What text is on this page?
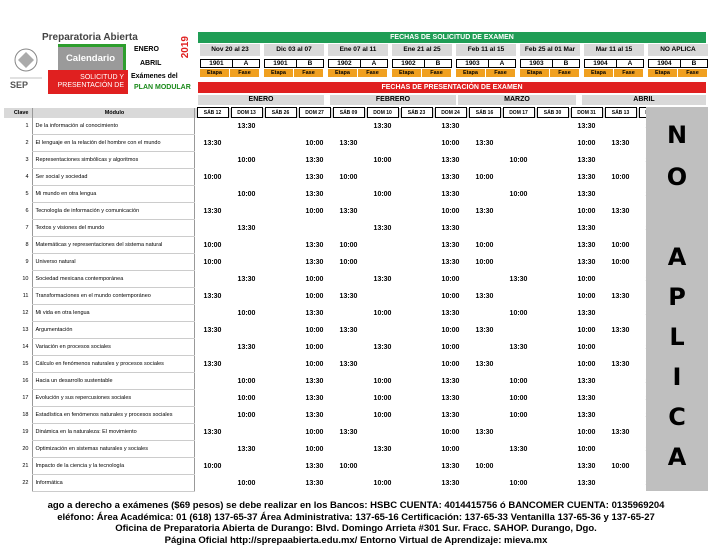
SEP
Preparatoria Abierta
Calendario
SOLICITUD Y PRESENTACIÓN DE
ENERO
ABRIL
Exámenes del
PLAN MODULAR
2019	FECHAS DE SOLICITUD DE EXAMEN
Nov 20 al 23
1901	A
Etapa	Fase
Dic 03 al 07
1901	B
Etapa	Fase
Ene 07 al 11
1902	A
Etapa	Fase
Ene 21 al 25
1902	B
Etapa	Fase
Feb 11 al 15
1903	A
Etapa	Fase
Feb 25 al 01 Mar
1903	B
Etapa	Fase
Mar 11 al 15
1904	A
Etapa	Fase
NO APLICA
1904	B
Etapa	Fase
FECHAS DE PRESENTACIÓN DE EXAMEN
ENERO	FEBRERO	MARZO	ABRIL
Clave	Módulo		SÁB 12		DOM 13		SÁB 26		DOM 27		SÁB 09		DOM 10		SÁB 23		DOM 24		SÁB 16		DOM 17		SÁB 30		DOM 31		SÁB 13		
1	De la información al conocimiento				13:30								13:30				13:30								13:30				
2	El lenguaje en la relación del hombre con el mundo		13:30						10:00		13:30						10:00		13:30						10:00		13:30		
3	Representaciones simbólicas y algoritmos				10:00				13:30				10:00				13:30				10:00				13:30				
4	Ser social y sociedad		10:00						13:30		10:00						13:30		10:00						13:30		10:00		
5	Mi mundo en otra lengua				10:00				13:30				10:00				13:30				10:00				13:30				
6	Tecnología de información y comunicación		13:30						10:00		13:30						10:00		13:30						10:00		13:30		
7	Textos y visiones del mundo				13:30								13:30				13:30								13:30				
8	Matemáticas y representaciones del sistema natural		10:00						13:30		10:00						13:30		10:00						13:30		10:00		
9	Universo natural		10:00						13:30		10:00						13:30		10:00						13:30		10:00		
10	Sociedad mexicana contemporánea				13:30				10:00				13:30				10:00				13:30				10:00				
11	Transformaciones en el mundo contemporáneo		13:30						10:00		13:30						10:00		13:30						10:00		13:30		
12	Mi vida en otra lengua				10:00				13:30				10:00				13:30				10:00				13:30				
13	Argumentación		13:30						10:00		13:30						10:00		13:30						10:00		13:30		
14	Variación en procesos sociales				13:30				10:00				13:30				10:00				13:30				10:00				
15	Cálculo en fenómenos naturales y procesos sociales		13:30						10:00		13:30						10:00		13:30						10:00		13:30		
16	Hacia un desarrollo sustentable				10:00				13:30				10:00				13:30				10:00				13:30				
17	Evolución y sus repercusiones sociales				10:00				13:30				10:00				13:30				10:00				13:30				
18	Estadística en fenómenos naturales y procesos sociales				10:00				13:30				10:00				13:30				10:00				13:30				
19	Dinámica en la naturaleza: El movimiento		13:30						10:00		13:30						10:00		13:30						10:00		13:30		
20	Optimización en sistemas naturales y sociales				13:30				10:00				13:30				10:00				13:30				10:00				
21	Impacto de la ciencia y la tecnología		10:00						13:30		10:00						13:30		10:00						13:30		10:00		
22	Informática				10:00				13:30				10:00				13:30				10:00				13:30				
N
O
A
P
L
I
C
A
ago a derecho a exámenes ($69 pesos) se debe realizar en los Bancos: HSBC CUENTA: 4014415756 ó BANCOMER CUENTA: 0135969204
eléfono: Área Académica: 01 (618) 137-65-37 Área Administrativa: 137-65-16 Certificación: 137-65-33 Ventanilla 137-65-36 y 137-65-27
Oficina de Preparatoria Abierta de Durango: Blvd. Domingo Arrieta #301 Sur. Fracc. SAHOP. Durango, Dgo.
Página Oficial http://sprepaabierta.edu.mx/ Entorno Virtual de Aprendizaje: mieva.mx
